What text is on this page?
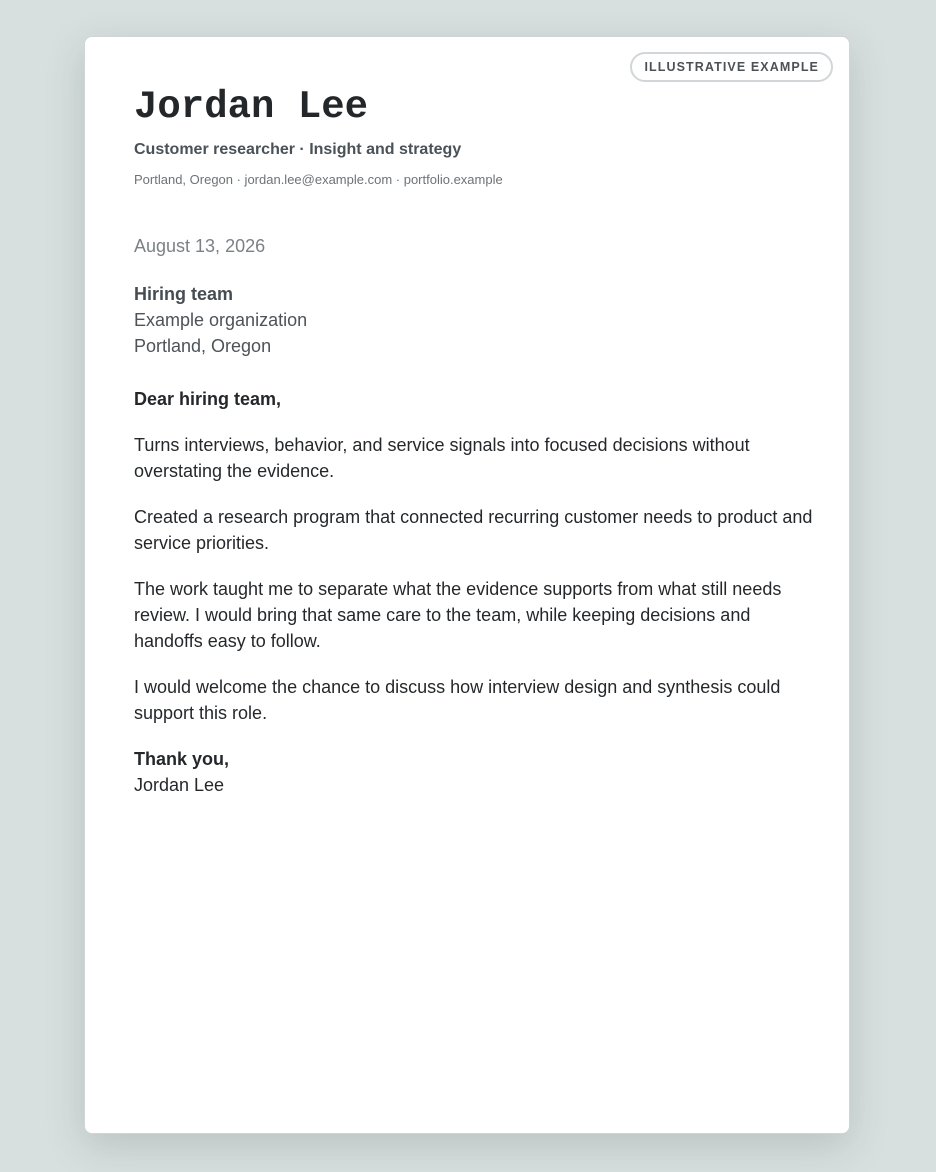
ILLUSTRATIVE EXAMPLE
Jordan Lee
Customer researcher · Insight and strategy
Portland, Oregon · jordan.lee@example.com · portfolio.example
August 13, 2026
Hiring team
Example organization
Portland, Oregon

Dear hiring team,

Turns interviews, behavior, and service signals into focused decisions without overstating the evidence.

Created a research program that connected recurring customer needs to product and service priorities.

The work taught me to separate what the evidence supports from what still needs review. I would bring that same care to the team, while keeping decisions and handoffs easy to follow.

I would welcome the chance to discuss how interview design and synthesis could support this role.

Thank you,

Jordan Lee
